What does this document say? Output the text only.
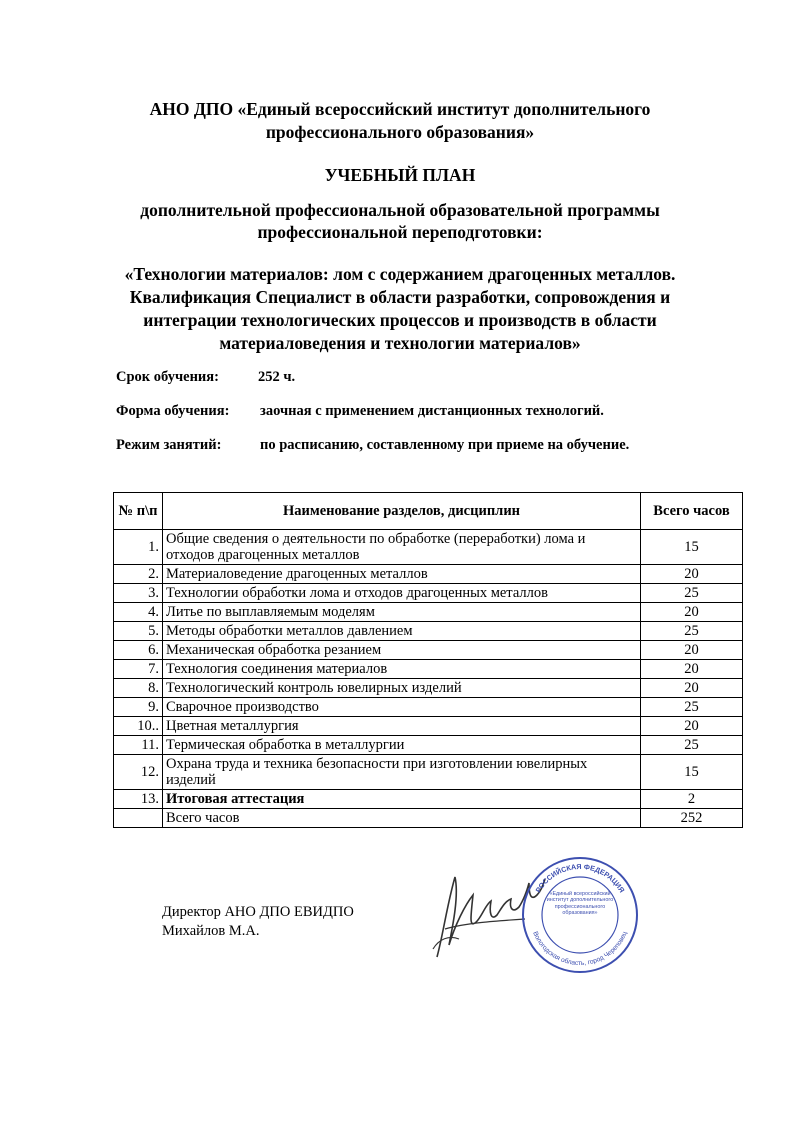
АНО ДПО «Единый всероссийский институт дополнительного
профессионального образования»
УЧЕБНЫЙ ПЛАН
дополнительной профессиональной образовательной программы
профессиональной переподготовки:
«Технологии материалов: лом с содержанием драгоценных металлов.
Квалификация Специалист в области разработки, сопровождения и
интеграции технологических процессов и производств в области
материаловедения и технологии материалов»
Срок обучения:	252 ч.
Форма обучения: заочная с применением дистанционных технологий.
Режим занятий:	по расписанию, составленному при приеме на обучение.
№ п\п	Наименование разделов, дисциплин	Всего часов
1.	Общие сведения о деятельности по обработке (переработки) лома и отходов драгоценных металлов	15
2.	Материаловедение драгоценных металлов	20
3.	Технологии обработки лома и отходов драгоценных металлов	25
4.	Литье по выплавляемым моделям	20
5.	Методы обработки металлов давлением	25
6.	Механическая обработка резанием	20
7.	Технология соединения материалов	20
8.	Технологический контроль ювелирных изделий	20
9.	Сварочное производство	25
10..	Цветная металлургия	20
11.	Термическая обработка в металлургии	25
12.	Охрана труда и техника безопасности при изготовлении ювелирных изделий	15
13.	Итоговая аттестация	2
	Всего часов	252
Директор АНО ДПО ЕВИДПО
Михайлов М.А.
РОССИЙСКАЯ ФЕДЕРАЦИЯ
Вологодская область, город Череповец
«Единый всероссийский институт дополнительного профессионального образования»
